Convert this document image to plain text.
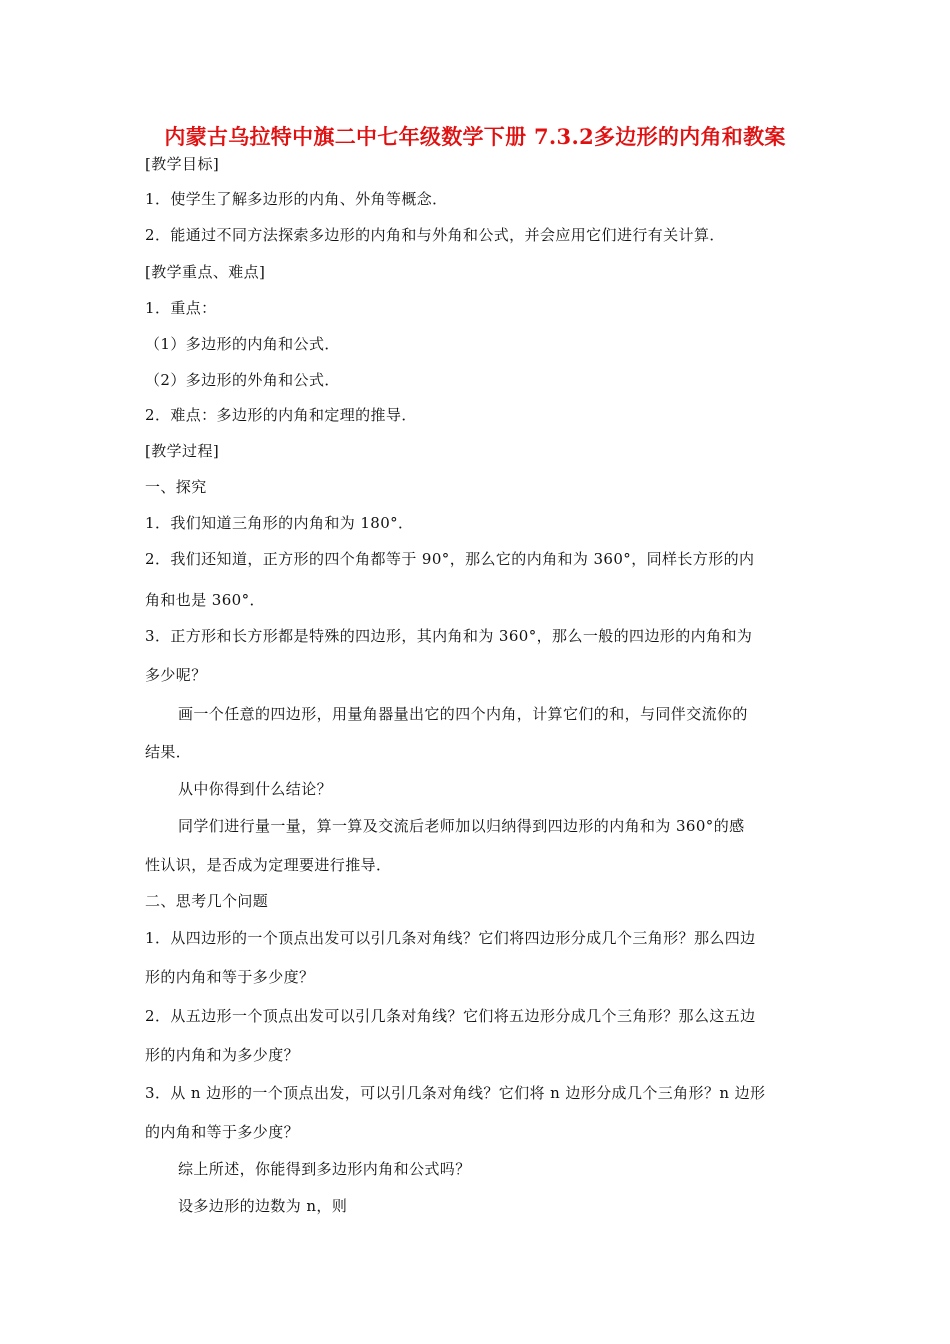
内蒙古乌拉特中旗二中七年级数学下册 7.3.2多边形的内角和教案
[教学目标]
1．使学生了解多边形的内角、外角等概念．
2．能通过不同方法探索多边形的内角和与外角和公式，并会应用它们进行有关计算．
[教学重点、难点]
1．重点：
（1）多边形的内角和公式．
（2）多边形的外角和公式．
2．难点：多边形的内角和定理的推导．
[教学过程]
一、探究
1．我们知道三角形的内角和为 180°．
2．我们还知道，正方形的四个角都等于 90°，那么它的内角和为 360°，同样长方形的内
角和也是 360°．
3．正方形和长方形都是特殊的四边形，其内角和为 360°，那么一般的四边形的内角和为
多少呢？
画一个任意的四边形，用量角器量出它的四个内角，计算它们的和，与同伴交流你的
结果．
从中你得到什么结论？
同学们进行量一量，算一算及交流后老师加以归纳得到四边形的内角和为 360°的感
性认识，是否成为定理要进行推导．
二、思考几个问题
1．从四边形的一个顶点出发可以引几条对角线？它们将四边形分成几个三角形？那么四边
形的内角和等于多少度？
2．从五边形一个顶点出发可以引几条对角线？它们将五边形分成几个三角形？那么这五边
形的内角和为多少度？
3．从 n 边形的一个顶点出发，可以引几条对角线？它们将 n 边形分成几个三角形？n 边形
的内角和等于多少度？
综上所述，你能得到多边形内角和公式吗？
设多边形的边数为 n，则
